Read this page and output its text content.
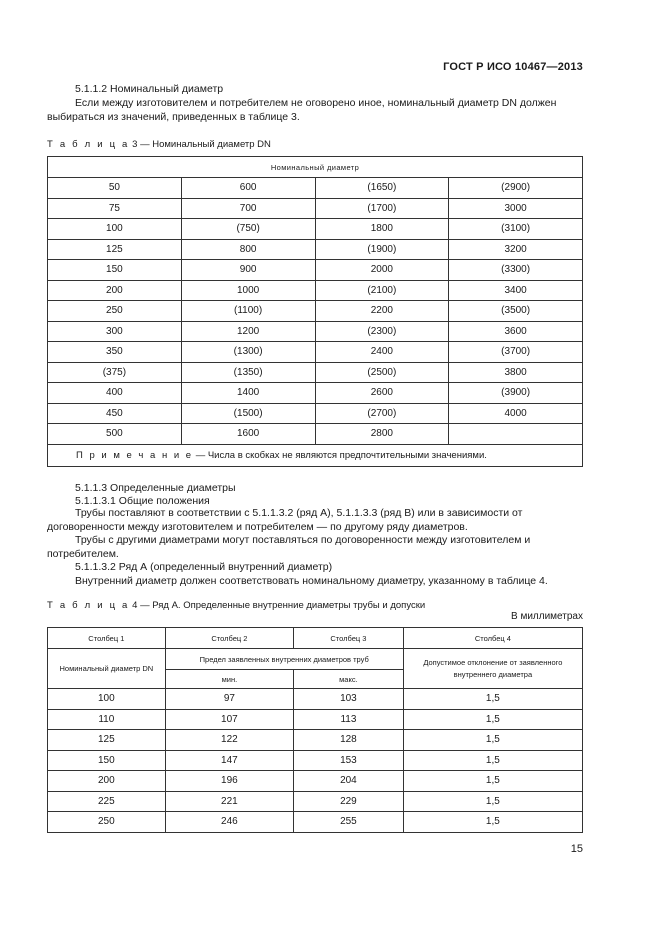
ГОСТ Р ИСО 10467—2013
5.1.1.2 Номинальный диаметр
Если между изготовителем и потребителем не оговорено иное, номинальный диаметр DN должен выбираться из значений, приведенных в таблице 3.
Т а б л и ц а 3 — Номинальный диаметр DN
Номинальный диаметр			
50	600	(1650)	(2900)
75	700	(1700)	3000
100	(750)	1800	(3100)
125	800	(1900)	3200
150	900	2000	(3300)
200	1000	(2100)	3400
250	(1100)	2200	(3500)
300	1200	(2300)	3600
350	(1300)	2400	(3700)
(375)	(1350)	(2500)	3800
400	1400	2600	(3900)
450	(1500)	(2700)	4000
500	1600	2800	
П р и м е ч а н и е — Числа в скобках не являются предпочтительными значениями.			
5.1.1.3 Определенные диаметры
5.1.1.3.1 Общие положения
Трубы поставляют в соответствии с 5.1.1.3.2 (ряд А), 5.1.1.3.3 (ряд В) или в зависимости от договоренности между изготовителем и потребителем — по другому ряду диаметров.
Трубы с другими диаметрами могут поставляться по договоренности между изготовителем и потребителем.
5.1.1.3.2 Ряд А (определенный внутренний диаметр)
Внутренний диаметр должен соответствовать номинальному диаметру, указанному в таблице 4.
Т а б л и ц а 4 — Ряд А. Определенные внутренние диаметры трубы и допуски
В миллиметрах
Столбец 1	Столбец 2	Столбец 3	Столбец 4
Номинальный диаметр DN	Предел заявленных внутренних диаметров труб		Допустимое отклонение от заявленного внутреннего диаметра
	мин.	макс.	
100	97	103	1,5
110	107	113	1,5
125	122	128	1,5
150	147	153	1,5
200	196	204	1,5
225	221	229	1,5
250	246	255	1,5
15
